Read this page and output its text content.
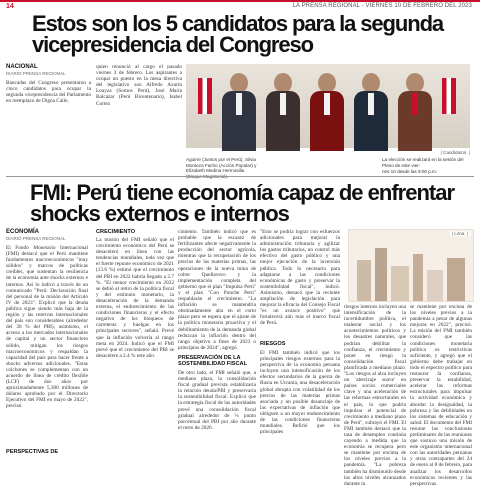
14	LA PRENSA REGIONAL - VIERNES 10 DE FEBRERO DEL 2023
Estos son los 5 candidatos para la segunda vicepresidencia del Congreso
NACIONAL
DIARIO PRENSA REGIONAL
Bancadas del Congreso presentaron a cinco candidatos para ocupar la segunda vicepresidencia del Parlamento en reemplazo de Digna Calle,
quien renunció al cargo el pasado viernes 3 de febrero. Los aspirantes a ocupar un puesto en la mesa directiva del legislativo son Alfredo Azurín Loayza (Somos Perú), José María Balcázar (Perú Bicentenario), Isabel Cortez
| Candidatos. |
Aguirre (Juntos por el Perú), Silvia Monteza Facho (Acción Popular) y Elizabeth Medina Hermosilla
La elección se realizará en la sesión del Pleno de este vier-
nes 10 desde las 9:00 p.m.
FMI: Perú tiene economía capaz de enfrentar shocks externos e internos
ECONOMÍA
DIARIO PRENSA REGIONAL
El Fondo Monetario Internacional (FMI) destacó que el Perú mantiene fundamentos macroeconómicos "muy sólidos" y marcos de políticas creíbles, que sustentan la resiliencia de la economía ante shocks externos e internos. Así lo indicó a través de un comunicado "Perú: Declaración final del personal de la misión del Artículo IV de 2023". Explicó que la deuda pública sigue siendo más baja de la región y las reservas internacionales del país son considerables (alrededor del 30 % del PBI), asimismo, el acceso a los mercados internacionales de capital y un sector financiero sólido, mitigan los riesgos macroeconómicos y respaldan la capacidad del país para hacer frente a shocks adversos adicionales. "Estas colchones se complementan con un acuerdo de línea de crédito flexible (LCF) de dos años por aproximadamente 5,300 millones de dólares aprobado por el Directorio Ejecutivo del FMI en mayo de 2022", precisó.
PERSPECTIVAS DE
CRECIMIENTO
La misión del FMI señaló que el crecimiento económico del Perú se desaceleró en línea con las tendencias mundiales, toda vez que el fuerte repunte económico de 2021 (13.6 %) estimó que el crecimiento del PBI en 2022 habría llegado a 2.7 %. "El menor crecimiento en 2022 se debió al retiro de la política fiscal y del estímulo monetario, la desaceleración de la demanda externa, el endurecimiento de las condiciones financieras y el efecto negativo de los bloqueos de carreteras y huelgas en los principales sectores", señaló. Prevé que la inflación volvería al rango meta en 2024. Indicó que el FMI prevé que el crecimiento del PBI se desacelere a 2.4 % este año.
cimiento. También indicó que es probable que la escasez de fertilizantes afecte negativamente la producción del sector agrícola, mientras que la recuperación de los precios de las materias primas, las operaciones de la nueva mina de cobre Quellaveco y la implementación completa del gobierno que el plan "Impulsa Perú" y el plan "Con Punche Perú" respaldarán el crecimiento. "La inflación se mantendría obstinadamente alta en el corto plazo pero se espera que el ajuste de la política monetaria proactiva y el debilitamiento de la demanda global reduzcan la inflación dentro del rango objetivo a fines de 2023 o principios de 2024", agregó.
PRESERVACIÓN DE LA SOSTENIBILIDAD FISCAL
De otro lado, el FMI señaló que, a mediano plazo, la consolidación fiscal gradual prevista estabilizaría la relación deuda/PBI y preservaría la sostenibilidad fiscal. Explicó que la estrategia fiscal de las autoridades prevé una consolidación fiscal gradual alrededor de ¼ punto porcentual del PBI por año durante el resto de 2026.
"Esto se podría lograr con esfuerzos adicionales para mejorar la administración tributaria y agilizar los gastos tributarios, un control más efectivo del gasto público y una mejor ejecución de la inversión pública. Todo lo necesario para adaptarse a las condiciones económicas de gasto y preservar la sostenibilidad fiscal", indicó. Asimismo, destacó que la reciente ampliación de legislación para mejorar la eficacia del Consejo Fiscal "es un avance positivo" que fortalecerá aún más el marco fiscal de Perú.
RIESGOS
El FMI también indicó que los principales riesgos externos para la perspectiva de la economía peruana incluyen una intensificación de los efectos secundarios de la guerra de Rusia en Ucrania, una desaceleración global abrupta con volatilidad de los precios de las materias primas asociada y un posible desanclaje de las expectativas de inflación que obliguen a un mayor endurecimiento de las condiciones financieras mundiales. Refirió que los principales
| Lima. |
riesgos internos incluyen una intensificación de la incertidumbre política, el malestar social y los acontecimientos políticos y los desastres naturales, que podrían debilitar la confianza, el crecimiento y poner en riesgo la consolidación fiscal planificada a mediano plazo. "Los riesgos al alza incluyen un 'aterrizaje suave' en países socios comerciales clave y una aceleración de las reformas estructurales en el país, lo que podría impulsar el potencial de crecimiento a mediano plazo de Perú", subrayó el FMI. El FMI también destacó que la tasa de desempleo continúa cayendo a medida que la economía se recupera pero se mantiene por encima de los niveles previos a la pandemia. "La pobreza también ha disminuido desde los altos niveles alcanzados durante la
se mantiene por encima de los niveles previos a la pandemia a pesar de algunas mejoras en 2022", precisó. La misión del FMI también consideró que las condiciones monetaria política es restrictivas suficiente, y agregó que el gobierno debe trabajar en todo el espectro político para restaurar la confianza, preservar la estabilidad, acelerar las reformas estructurales para impulsar la actividad económica y abordar la desigualdad, la pobreza y las debilidades en los sistemas de educación y salud. El documento del FMI resume las conclusiones preliminares de las reuniones que sostuvo una misión de este organismo internacional con las autoridades peruanas y otras contrapartes del 24 de enero al 8 de febrero, para analizar los desarrollos económicos recientes y las perspectivas.
